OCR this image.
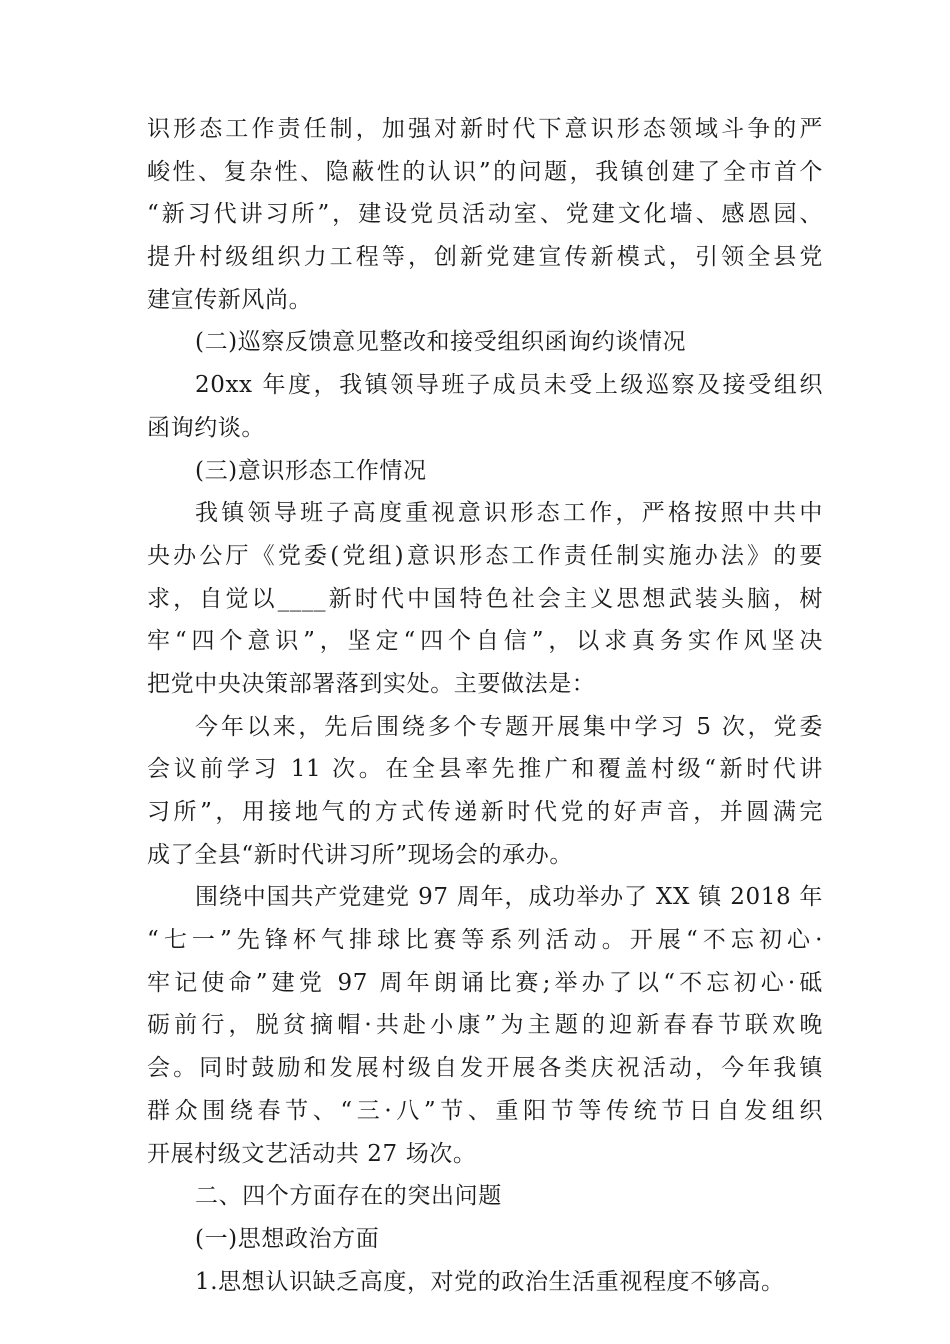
识形态工作责任制，加强对新时代下意识形态领域斗争的严
峻性、复杂性、隐蔽性的认识”的问题，我镇创建了全市首个
“新习代讲习所”，建设党员活动室、党建文化墙、感恩园、
提升村级组织力工程等，创新党建宣传新模式，引领全县党
建宣传新风尚。
(二)巡察反馈意见整改和接受组织函询约谈情况
20xx 年度，我镇领导班子成员未受上级巡察及接受组织
函询约谈。
(三)意识形态工作情况
我镇领导班子高度重视意识形态工作，严格按照中共中
央办公厅《党委(党组)意识形态工作责任制实施办法》的要
求，自觉以____新时代中国特色社会主义思想武装头脑，树
牢“四个意识”，坚定“四个自信”，以求真务实作风坚决
把党中央决策部署落到实处。主要做法是：
今年以来，先后围绕多个专题开展集中学习 5 次，党委
会议前学习 11 次。在全县率先推广和覆盖村级“新时代讲
习所”，用接地气的方式传递新时代党的好声音，并圆满完
成了全县“新时代讲习所”现场会的承办。
围绕中国共产党建党 97 周年，成功举办了 XX 镇 2018 年
“七一”先锋杯气排球比赛等系列活动。开展“不忘初心·
牢记使命”建党 97 周年朗诵比赛;举办了以“不忘初心·砥
砺前行，脱贫摘帽·共赴小康”为主题的迎新春春节联欢晚
会。同时鼓励和发展村级自发开展各类庆祝活动，今年我镇
群众围绕春节、“三·八”节、重阳节等传统节日自发组织
开展村级文艺活动共 27 场次。
二、四个方面存在的突出问题
(一)思想政治方面
1.思想认识缺乏高度，对党的政治生活重视程度不够高。
